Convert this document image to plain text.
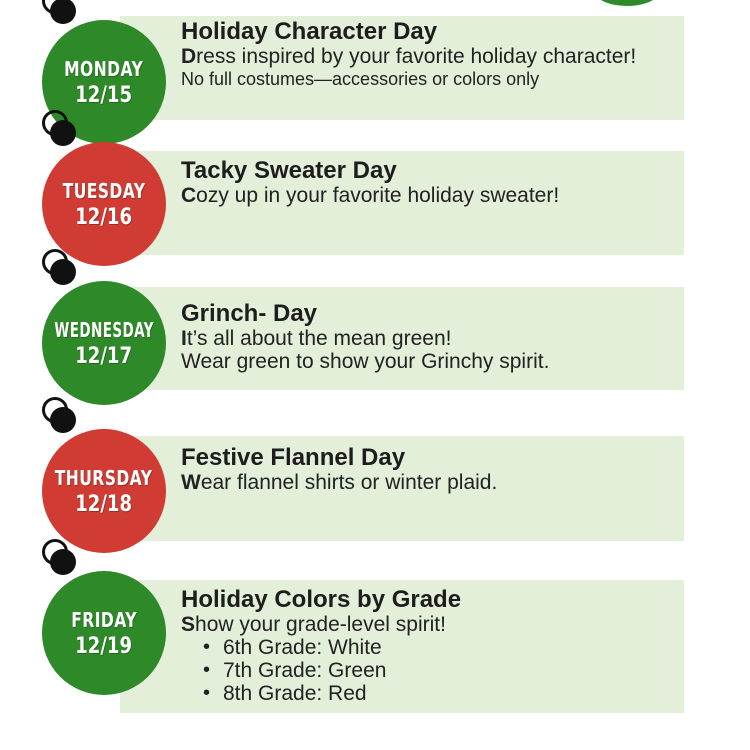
MONDAY
12/15
Holiday Character Day
Dress inspired by your favorite holiday character!
No full costumes—accessories or colors only
TUESDAY
12/16
Tacky Sweater Day
Cozy up in your favorite holiday sweater!
WEDNESDAY
12/17
Grinch- Day
It’s all about the mean green!
Wear green to show your Grinchy spirit.
THURSDAY
12/18
Festive Flannel Day
Wear flannel shirts or winter plaid.
FRIDAY
12/19
Holiday Colors by Grade
Show your grade-level spirit!
• 6th Grade: White
• 7th Grade: Green
• 8th Grade: Red
